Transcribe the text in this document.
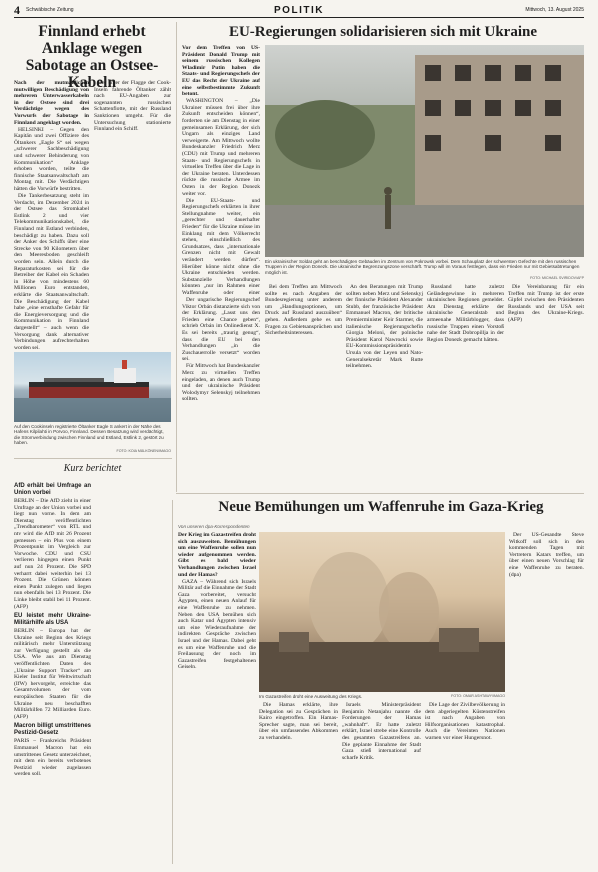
4 Schwäbische Zeitung	POLITIK	Mittwoch, 13. August 2025
Finnland erhebt Anklage wegen Sabotage an Ostsee-Kabeln

Nach der mutmaßlichen mutwilligen Beschädigung von mehreren Unterwasserkabeln in der Ostsee sind drei Verdächtige wegen des Vorwurfs der Sabotage in Finnland angeklagt worden.

HELSINKI – Gegen den Kapitän und zwei Offiziere des Öltankers „Eagle S“ sei wegen „schwerer Sachbeschädigung und schwerer Behinderung von Kommunikation“ Anklage erhoben worden, teilte die finnische Staatsanwaltschaft am Montag mit. Die Verdächtigen hätten die Vorwürfe bestritten.

Die Tankerbesatzung steht im Verdacht, im Dezember 2024 in der Ostsee das Stromkabel Estlink 2 und vier Telekommunikationskabel, die Finnland mit Estland verbinden, beschädigt zu haben. Dazu soll der Anker des Schiffs über eine Strecke von 90 Kilometern über den Meeresboden geschleift worden sein. Allein durch die Reparaturkosten sei für die Betreiber der Kabel ein Schaden in Höhe von mindestens 60 Millionen Euro entstanden, erklärte die Staatsanwaltschaft. Die Beschädigung der Kabel habe „eine ernsthafte Gefahr für die Energieversorgung und die Kommunikation in Finnland dargestellt“ – auch wenn die Versorgung dank alternativer Verbindungen aufrechterhalten worden sei.

Der unter der Flagge der Cook-Inseln fahrende Öltanker zählt nach EU-Angaben zur sogenannten russischen Schattenflotte, mit der Russland Sanktionen umgeht. Für die Untersuchung stationierte Finnland ein Schiff.

Auf den Cookinseln registrierte Öltanker Eagle S ankert in der Nähe des Hafens Kilpilahti in Porvoo, Finnland. Dessen Besatzung wird verdächtigt, die Stromverbindung zwischen Finnland und Estland, Estlink 2, gestört zu haben.
FOTO: KOIA MÄLKÖNEN/IMAGO
Kurz berichtet
AfD erhält bei Umfrage an Union vorbei

BERLIN – Die AfD zieht in einer Umfrage an der Union vorbei und liegt nun vorne. In dem am Dienstag veröffentlichten „Trendbarometer“ von RTL und ntv wird die AfD mit 26 Prozent gemessen – ein Plus von einem Prozentpunkt im Vergleich zur Vorwoche. CDU und CSU verlieren hingegen einen Punkt auf nun 24 Prozent. Die SPD verharrt dabei weiterhin bei 13 Prozent. Die Grünen können einen Punkt zulegen und liegen nun ebenfalls bei 13 Prozent. Die Linke bleibt stabil bei 11 Prozent. (AFP)

EU leistet mehr Ukraine-Militärhilfe als USA

BERLIN – Europa hat der Ukraine seit Beginn des Kriegs militärisch mehr Unterstützung zur Verfügung gestellt als die USA. Wie aus am Dienstag veröffentlichten Daten des „Ukraine Support Tracker“ am Kieler Institut für Weltwirtschaft (IfW) hervorgeht, erreichte das Gesamtvolumen der vom europäischen Staaten für die Ukraine neu beschafften Militärhilfen 72 Milliarden Euro. (AFP)

Macron billigt umstrittenes Pestizid-Gesetz

PARIS – Frankreichs Präsident Emmanuel Macron hat ein umstrittenes Gesetz unterzeichnet, mit dem ein bereits verbotenes Pestizid wieder zugelassen werden soll.

EU-Regierungen solidarisieren sich mit Ukraine

Vor dem Treffen von US-Präsident Donald Trump mit seinem russischen Kollegen Wladimir Putin haben die Staats- und Regierungschefs der EU das Recht der Ukraine auf eine selbstbestimmte Zukunft betont.

WASHINGTON – „Die Ukrainer müssen frei über ihre Zukunft entscheiden können“, forderten sie am Dienstag in einer gemeinsamen Erklärung, der sich Ungarn als einziges Land verweigerte. Am Mittwoch wollte Bundeskanzler Friedrich Merz (CDU) mit Trump und mehreren Staats- und Regierungschefs in virtuellen Treffen über die Lage in der Ukraine beraten. Unterdessen rückte die russische Armee im Osten in der Region Donezk weiter vor.

Die EU-Staats- und Regierungschefs erklärten in ihrer Stellungnahme weiter, ein „gerechter und dauerhafter Frieden“ für die Ukraine müsse im Einklang mit dem Völkerrecht stehen, einschließlich des Grundsatzes, dass „internationale Grenzen nicht mit Gewalt verändert werden dürfen“. Hierüber könne nicht ohne die Ukraine entschieden werden. Substanzielle Verhandlungen könnten „nur im Rahmen einer Waffenruhe oder einer

Der ungarische Regierungschef Viktor Orbán distanzierte sich von der Erklärung. „Lasst uns den Frieden eine Chance geben“, schrieb Orbán im Onlinedienst X. Es sei bereits „traurig genug“, dass die EU bei den Verhandlungen „in die Zuschauerrolle versetzt“ worden sei.

Für Mittwoch hat Bundeskanzler Merz zu virtuellen Treffen eingeladen, an denen auch Trump und der ukrainische Präsident Wolodymyr Selenskyj teilnehmen sollten.

Ein ukrainischer Soldat geht an beschädigten Gebäuden im Zentrum von Pokrowsk vorbei. Dem Schauplatz der schwersten Gefechte mit den russischen Truppen in der Region Donezk. Die ukrainische Begrenzungszone verschärft. Trump will im Voraus festlegen, dass ein Frieden nur mit Gebietsabtretungen möglich ist.
FOTO: MICHAEL SVIRIDOV/AFP

Bei dem Treffen am Mittwoch sollte es nach Angaben der Bundesregierung unter anderem um „Handlungsoptionen, um Druck auf Russland auszuüben“ gehen. Außerdem gehe es um Fragen zu Gebietsansprüchen und Sicherheitsinteressen.

An den Beratungen mit Trump sollten neben Merz und Selenskyj der finnische Präsident Alexander Stubb, der französische Präsident Emmanuel Macron, der britische Premierminister Keir Starmer, die italienische Regierungschefin Giorgia Meloni, der polnische Präsident Karol Nawrocki sowie EU-Kommissionspräsidentin Ursula von der Leyen und Nato-Generalsekretär Mark Rutte teilnehmen.

Russland hatte zuletzt Geländegewinne in mehreren ukrainischen Regionen gemeldet. Am Dienstag erklärte der ukrainische Generalstab und armeenahe Militärblogger, dass russische Truppen einen Vorstoß nahe der Stadt Dobropillja in der Region Donezk gemacht hätten.

Die Vereinbarung für ein Treffen mit Trump ist der erste Gipfel zwischen den Präsidenten Russlands und der USA seit Beginn des Ukraine-Kriegs. (AFP)

Neue Bemühungen um Waffenruhe im Gaza-Krieg
Von unseren dpa-Korrespondenten

Der Krieg im Gazastreifen droht sich auszuweiten. Bemühungen um eine Waffenruhe sollen nun wieder aufgenommen werden. Gibt es bald wieder Verhandlungen zwischen Israel und der Hamas?

GAZA – Während sich Israels Militär auf die Einnahme der Stadt Gaza vorbereitet, versucht Ägypten, einen neuen Anlauf für eine Waffenruhe zu nehmen. Neben den USA bemühen sich auch Katar und Ägypten intensiv um eine Wiederaufnahme der indirekten Gespräche zwischen Israel und der Hamas. Dabei geht es um eine Waffenruhe und die Freilassung der noch im Gazastreifen festgehaltenen Geiseln.

Im Gazastreifen droht eine Ausweitung des Kriegs.	FOTO: OMAR ASHTAWY/IMAGO

Die Hamas erklärte, ihre Delegation sei zu Gesprächen in Kairo eingetroffen. Ein Hamas-Sprecher sagte, man sei bereit, über ein umfassendes Abkommen zu verhandeln.

Israels Ministerpräsident Benjamin Netanjahu nannte die Forderungen der Hamas „wahnhaft“. Er hatte zuletzt erklärt, Israel strebe eine Kontrolle des gesamten Gazastreifens an. Die geplante Einnahme der Stadt Gaza stieß international auf scharfe Kritik.

Die Lage der Zivilbevölkerung in dem abgeriegelten Küstenstreifen ist nach Angaben von Hilfsorganisationen katastrophal. Auch die Vereinten Nationen warnen vor einer Hungersnot.

Der US-Gesandte Steve Witkoff soll sich in den kommenden Tagen mit Vertretern Katars treffen, um über einen neuen Vorschlag für eine Waffenruhe zu beraten. (dpa)
